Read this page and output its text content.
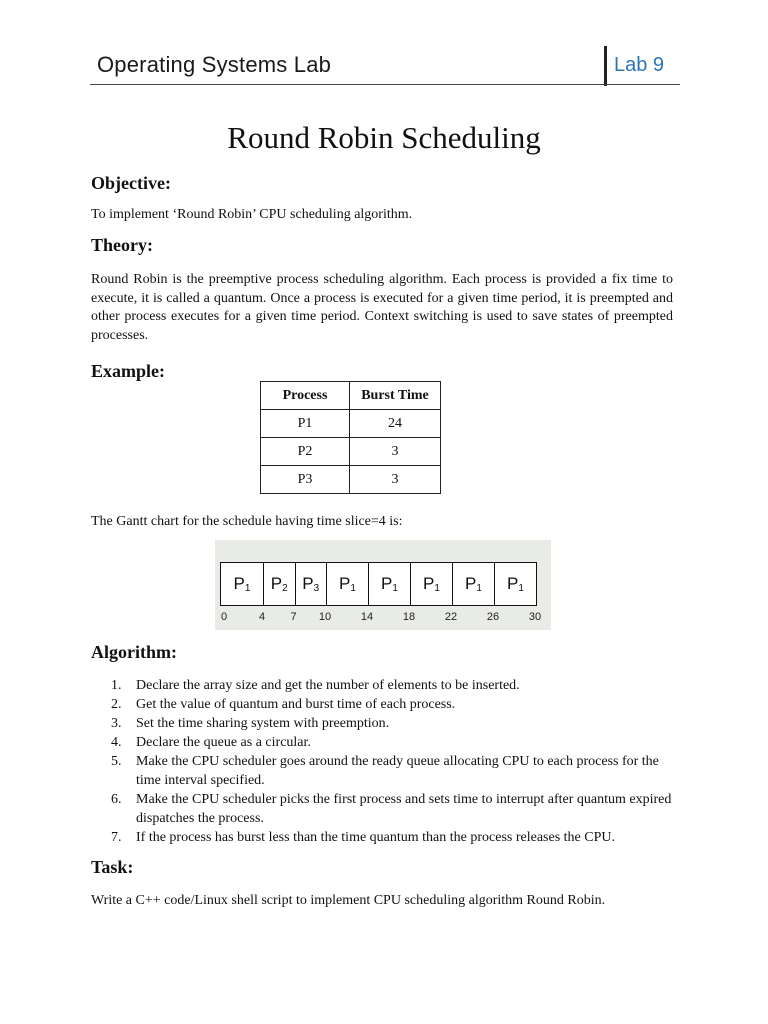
Operating Systems Lab	Lab 9
Round Robin Scheduling
Objective:
To implement ‘Round Robin’ CPU scheduling algorithm.
Theory:
Round Robin is the preemptive process scheduling algorithm. Each process is provided a fix time to execute, it is called a quantum. Once a process is executed for a given time period, it is preempted and other process executes for a given time period. Context switching is used to save states of preempted processes.
Example:
Process	Burst Time
P1	24
P2	3
P3	3
The Gantt chart for the schedule having time slice=4 is:
$P_1$ $P_2$ $P_3$ $P_1$ $P_1$ $P_1$ $P_1$ $P_1$
0	4 7 10	14	18	22	26	30
Algorithm:
1. Declare the array size and get the number of elements to be inserted.
2. Get the value of quantum and burst time of each process.
3. Set the time sharing system with preemption.
4. Declare the queue as a circular.
5. Make the CPU scheduler goes around the ready queue allocating CPU to each process for the time interval specified.
6. Make the CPU scheduler picks the first process and sets time to interrupt after quantum expired dispatches the process.
7. If the process has burst less than the time quantum than the process releases the CPU.
Task:
Write a C++ code/Linux shell script to implement CPU scheduling algorithm Round Robin.
